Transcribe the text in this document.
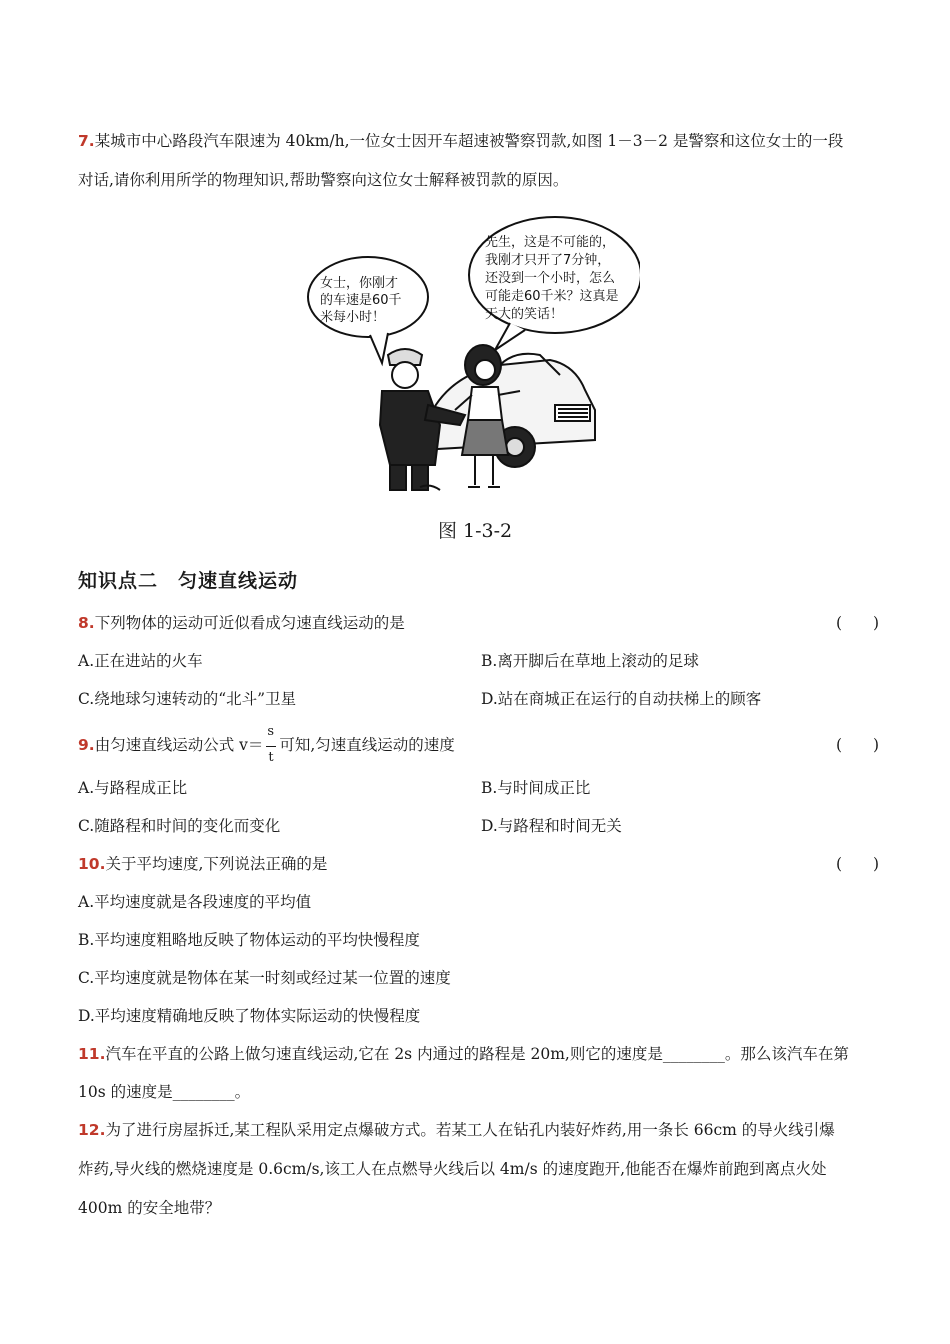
7.某城市中心路段汽车限速为 40km/h,一位女士因开车超速被警察罚款,如图 1－3－2 是警察和这位女士的一段
对话,请你利用所学的物理知识,帮助警察向这位女士解释被罚款的原因。
女士，你刚才
的车速是60千
米每小时！
先生，这是不可能的，
我刚才只开了7分钟，
还没到一个小时，怎么
可能走60千米？这真是
天大的笑话！
图 1-3-2
知识点二　匀速直线运动
8.下列物体的运动可近似看成匀速直线运动的是	(　　)
A.正在进站的火车	B.离开脚后在草地上滚动的足球
C.绕地球匀速转动的“北斗”卫星	D.站在商城正在运行的自动扶梯上的顾客
9.由匀速直线运动公式 $v= \frac{s}{t}$ 可知,匀速直线运动的速度	(　　)
A.与路程成正比	B.与时间成正比
C.随路程和时间的变化而变化	D.与路程和时间无关
10.关于平均速度,下列说法正确的是	(　　)
A.平均速度就是各段速度的平均值
B.平均速度粗略地反映了物体运动的平均快慢程度
C.平均速度就是物体在某一时刻或经过某一位置的速度
D.平均速度精确地反映了物体实际运动的快慢程度
11.汽车在平直的公路上做匀速直线运动,它在 2s 内通过的路程是 20m,则它的速度是________。那么该汽车在第
10s 的速度是________。
12.为了进行房屋拆迁,某工程队采用定点爆破方式。若某工人在钻孔内装好炸药,用一条长 66cm 的导火线引爆
炸药,导火线的燃烧速度是 0.6cm/s,该工人在点燃导火线后以 4m/s 的速度跑开,他能否在爆炸前跑到离点火处
400m 的安全地带？
